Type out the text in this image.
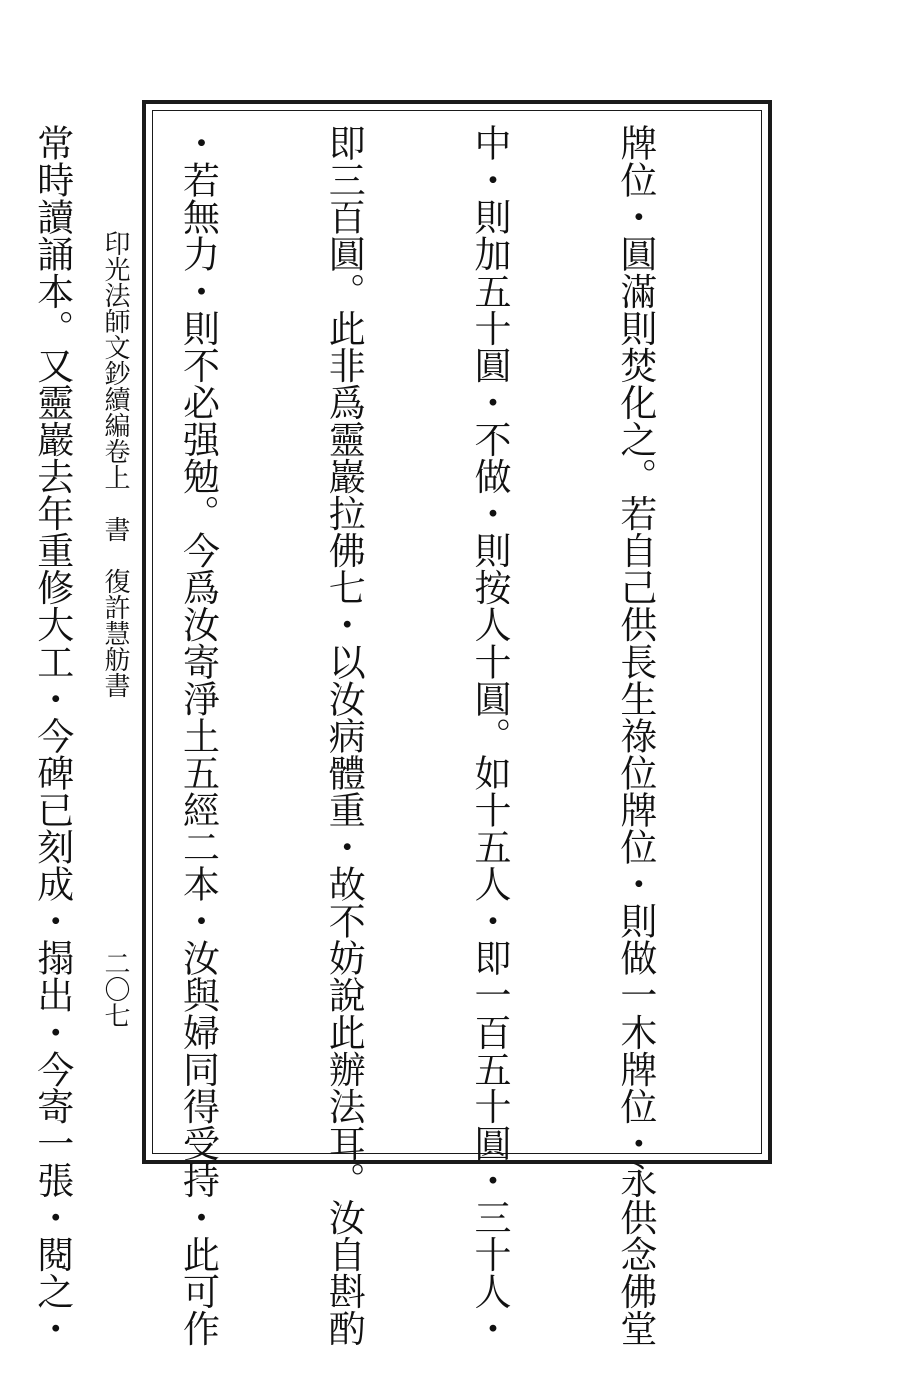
印光法師文鈔續編卷上　書　復許慧舫書
二〇七

	牌位・圓滿則焚化之。若自己供長生祿位牌位・則做一木牌位・永供念佛堂

中・則加五十圓・不做・則按人十圓。如十五人・即一百五十圓・三十人・

即三百圓。此非爲靈巖拉佛七・以汝病體重・故不妨說此辦法耳。汝自斟酌

・若無力・則不必强勉。今爲汝寄淨土五經二本・汝與婦同得受持・此可作

常時讀誦本。又靈巖去年重修大工・今碑已刻成・搨出・今寄一張・閱之・
